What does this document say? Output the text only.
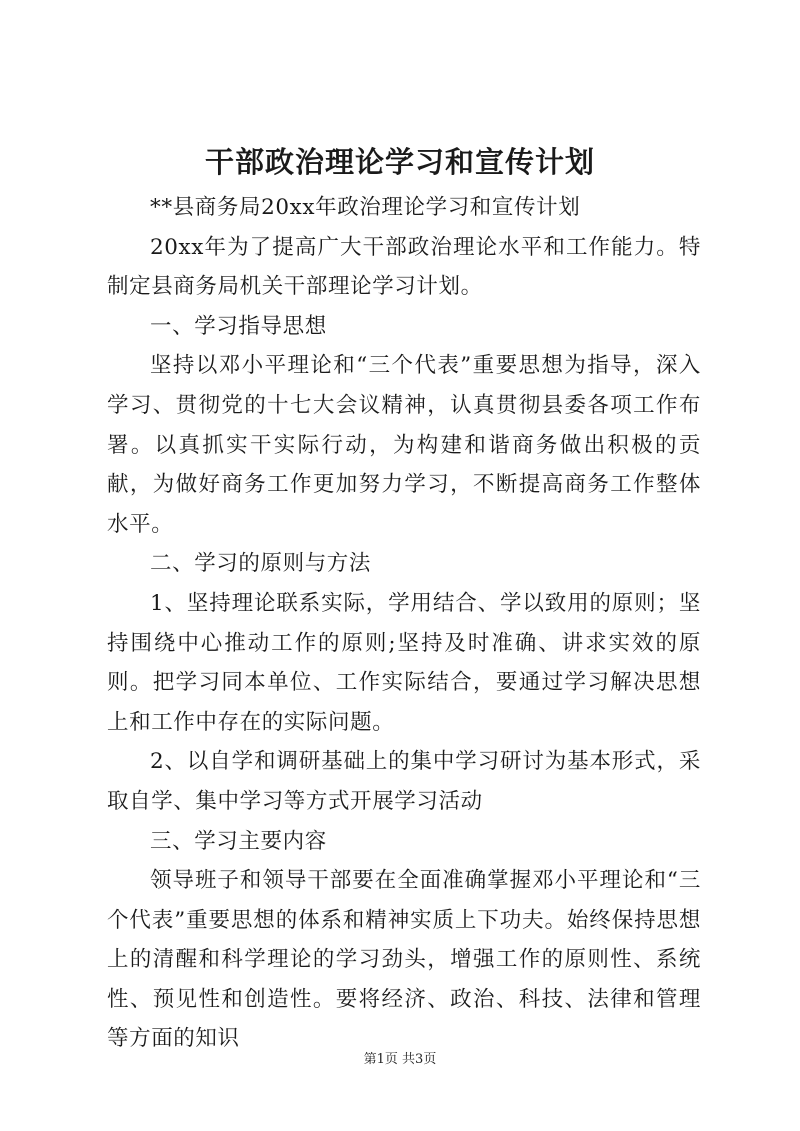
干部政治理论学习和宣传计划

**县商务局20xx年政治理论学习和宣传计划

20xx年为了提高广大干部政治理论水平和工作能力。特制定县商务局机关干部理论学习计划。

一、学习指导思想

坚持以邓小平理论和“三个代表”重要思想为指导，深入学习、贯彻党的十七大会议精神，认真贯彻县委各项工作布署。以真抓实干实际行动，为构建和谐商务做出积极的贡献，为做好商务工作更加努力学习，不断提高商务工作整体水平。

二、学习的原则与方法

1、坚持理论联系实际，学用结合、学以致用的原则；坚持围绕中心推动工作的原则;坚持及时准确、讲求实效的原则。把学习同本单位、工作实际结合，要通过学习解决思想上和工作中存在的实际问题。

2、以自学和调研基础上的集中学习研讨为基本形式，采取自学、集中学习等方式开展学习活动

三、学习主要内容

领导班子和领导干部要在全面准确掌握邓小平理论和“三个代表”重要思想的体系和精神实质上下功夫。始终保持思想上的清醒和科学理论的学习劲头，增强工作的原则性、系统性、预见性和创造性。要将经济、政治、科技、法律和管理等方面的知识

第1页 共3页
